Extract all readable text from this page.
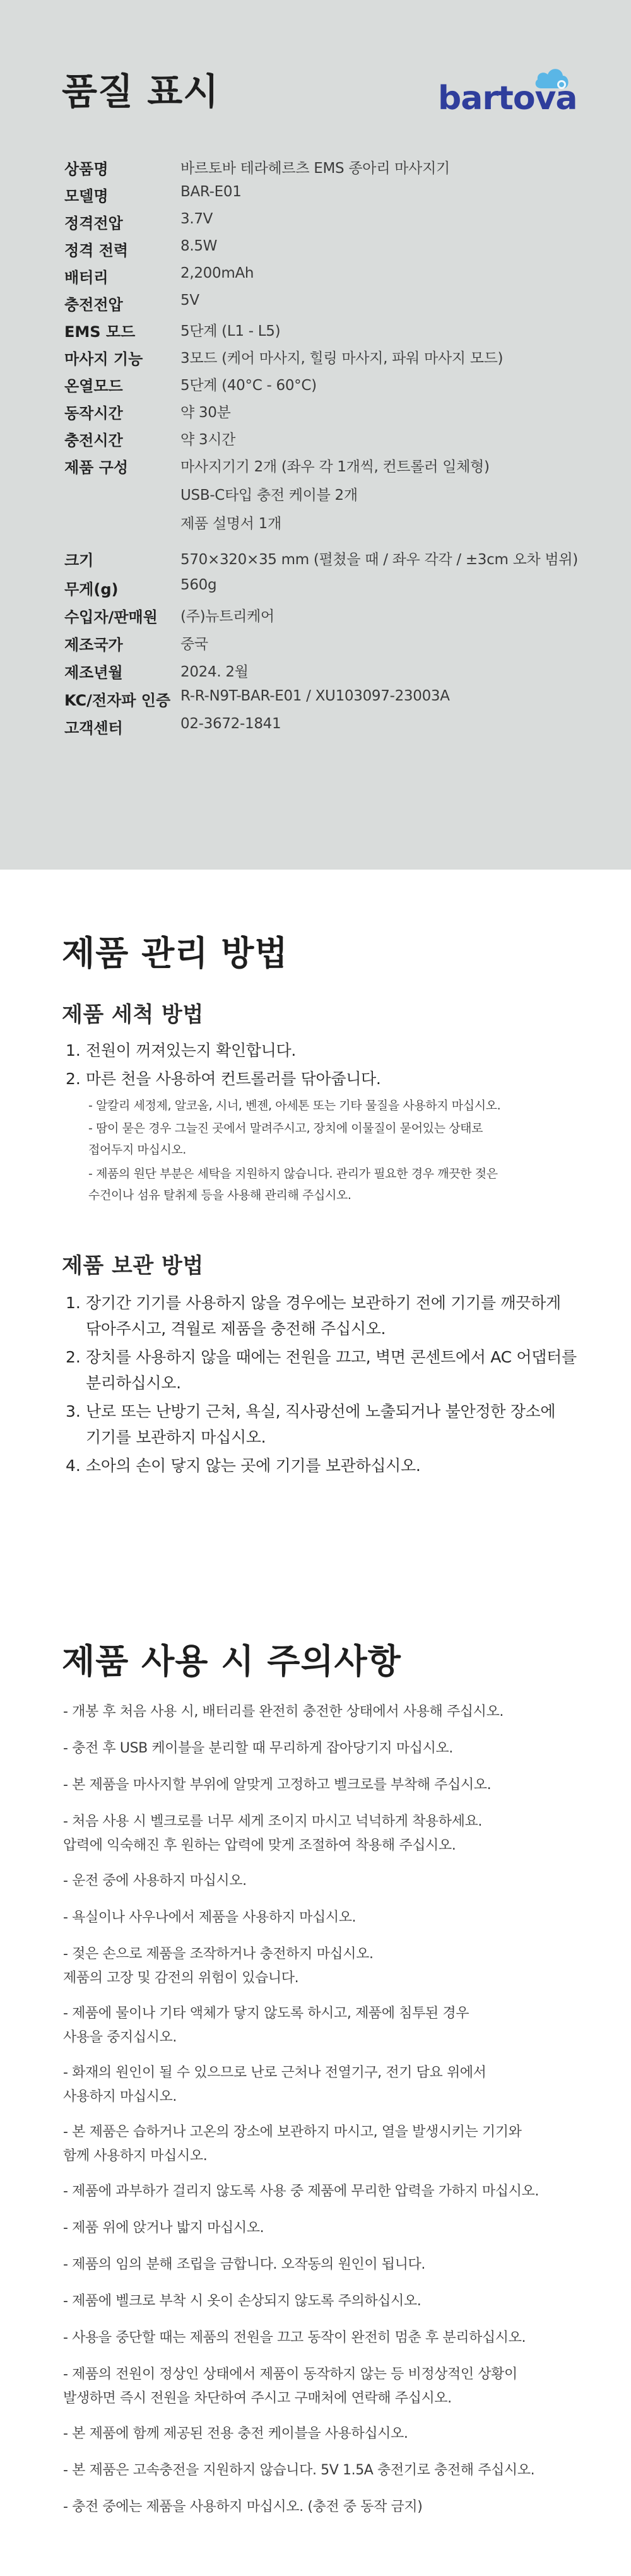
품질 표시	bartova
상품명	바르토바 테라헤르츠 EMS 종아리 마사지기
모델명	BAR-E01
정격전압	3.7V
정격 전력	8.5W
배터리	2,200mAh
충전전압	5V
EMS 모드	5단계 (L1 - L5)
마사지 기능	3모드 (케어 마사지, 힐링 마사지, 파워 마사지 모드)
온열모드	5단계 (40°C - 60°C)
동작시간	약 30분
충전시간	약 3시간
제품 구성	마사지기기 2개 (좌우 각 1개씩, 컨트롤러 일체형)
USB-C타입 충전 케이블 2개
제품 설명서 1개
크기	570×320×35 mm (펼쳤을 때 / 좌우 각각 / ±3cm 오차 범위)
무게(g)	560g
수입자/판매원 (주)뉴트리케어
제조국가	중국
제조년월	2024. 2월
KC/전자파 인증 R-R-N9T-BAR-E01 / XU103097-23003A
고객센터	02-3672-1841
제품 관리 방법
제품 세척 방법
1. 전원이 꺼져있는지 확인합니다.
2. 마른 천을 사용하여 컨트롤러를 닦아줍니다.
- 알칼리 세정제, 알코올, 시너, 벤젠, 아세톤 또는 기타 물질을 사용하지 마십시오.
- 땀이 묻은 경우 그늘진 곳에서 말려주시고, 장치에 이물질이 묻어있는 상태로
접어두지 마십시오.
- 제품의 원단 부분은 세탁을 지원하지 않습니다. 관리가 필요한 경우 깨끗한 젖은
수건이나 섬유 탈취제 등을 사용해 관리해 주십시오.
제품 보관 방법
1. 장기간 기기를 사용하지 않을 경우에는 보관하기 전에 기기를 깨끗하게
닦아주시고, 격월로 제품을 충전해 주십시오.
2. 장치를 사용하지 않을 때에는 전원을 끄고, 벽면 콘센트에서 AC 어댑터를
분리하십시오.
3. 난로 또는 난방기 근처, 욕실, 직사광선에 노출되거나 불안정한 장소에
기기를 보관하지 마십시오.
4. 소아의 손이 닿지 않는 곳에 기기를 보관하십시오.
제품 사용 시 주의사항
- 개봉 후 처음 사용 시, 배터리를 완전히 충전한 상태에서 사용해 주십시오.
- 충전 후 USB 케이블을 분리할 때 무리하게 잡아당기지 마십시오.
- 본 제품을 마사지할 부위에 알맞게 고정하고 벨크로를 부착해 주십시오.
- 처음 사용 시 벨크로를 너무 세게 조이지 마시고 넉넉하게 착용하세요.
압력에 익숙해진 후 원하는 압력에 맞게 조절하여 착용해 주십시오.
- 운전 중에 사용하지 마십시오.
- 욕실이나 사우나에서 제품을 사용하지 마십시오.
- 젖은 손으로 제품을 조작하거나 충전하지 마십시오.
제품의 고장 및 감전의 위험이 있습니다.
- 제품에 물이나 기타 액체가 닿지 않도록 하시고, 제품에 침투된 경우
사용을 중지십시오.
- 화재의 원인이 될 수 있으므로 난로 근처나 전열기구, 전기 담요 위에서
사용하지 마십시오.
- 본 제품은 습하거나 고온의 장소에 보관하지 마시고, 열을 발생시키는 기기와
함께 사용하지 마십시오.
- 제품에 과부하가 걸리지 않도록 사용 중 제품에 무리한 압력을 가하지 마십시오.
- 제품 위에 앉거나 밟지 마십시오.
- 제품의 임의 분해 조립을 금합니다. 오작동의 원인이 됩니다.
- 제품에 벨크로 부착 시 옷이 손상되지 않도록 주의하십시오.
- 사용을 중단할 때는 제품의 전원을 끄고 동작이 완전히 멈춘 후 분리하십시오.
- 제품의 전원이 정상인 상태에서 제품이 동작하지 않는 등 비정상적인 상황이
발생하면 즉시 전원을 차단하여 주시고 구매처에 연락해 주십시오.
- 본 제품에 함께 제공된 전용 충전 케이블을 사용하십시오.
- 본 제품은 고속충전을 지원하지 않습니다. 5V 1.5A 충전기로 충전해 주십시오.
- 충전 중에는 제품을 사용하지 마십시오. (충전 중 동작 금지)
